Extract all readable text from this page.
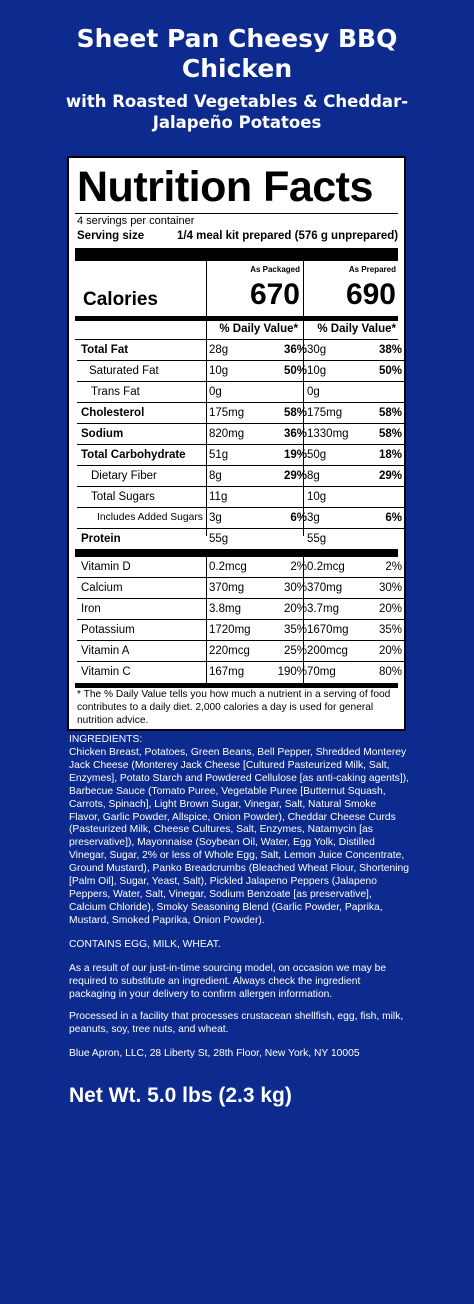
Sheet Pan Cheesy BBQ
Chicken
with Roasted Vegetables & Cheddar-
Jalapeño Potatoes
Nutrition Facts
4 servings per container
Serving size	1/4 meal kit prepared (576 g unprepared)
As Packaged	As Prepared
Calories	670 690
% Daily Value* % Daily Value*
Total Fat	28g	36% 30g	38%
Saturated Fat	10g	50% 10g	50%
Trans Fat	0g	0g
Cholesterol	175mg	58% 175mg	58%
Sodium	820mg	36% 1330mg	58%
Total Carbohydrate 51g	19% 50g	18%
Dietary Fiber	8g	29% 8g	29%
Total Sugars	11g	10g
Includes Added Sugars 3g	6% 3g	6%
Protein	55g	55g
Vitamin D	0.2mcg	2% 0.2mcg	2%
Calcium	370mg	30% 370mg	30%
Iron	3.8mg	20% 3.7mg	20%
Potassium	1720mg	35% 1670mg	35%
Vitamin A	220mcg	25% 200mcg	20%
Vitamin C	167mg	190% 70mg	80%
* The % Daily Value tells you how much a nutrient in a serving of food contributes to a daily diet. 2,000 calories a day is used for general nutrition advice.
INGREDIENTS:
Chicken Breast, Potatoes, Green Beans, Bell Pepper, Shredded Monterey Jack Cheese (Monterey Jack Cheese [Cultured Pasteurized Milk, Salt, Enzymes], Potato Starch and Powdered Cellulose [as anti-caking agents]), Barbecue Sauce (Tomato Puree, Vegetable Puree [Butternut Squash, Carrots, Spinach], Light Brown Sugar, Vinegar, Salt, Natural Smoke Flavor, Garlic Powder, Allspice, Onion Powder), Cheddar Cheese Curds (Pasteurized Milk, Cheese Cultures, Salt, Enzymes, Natamycin [as preservative]), Mayonnaise (Soybean Oil, Water, Egg Yolk, Distilled Vinegar, Sugar, 2% or less of Whole Egg, Salt, Lemon Juice Concentrate, Ground Mustard), Panko Breadcrumbs (Bleached Wheat Flour, Shortening [Palm Oil], Sugar, Yeast, Salt), Pickled Jalapeno Peppers (Jalapeno Peppers, Water, Salt, Vinegar, Sodium Benzoate [as preservative], Calcium Chloride), Smoky Seasoning Blend (Garlic Powder, Paprika, Mustard, Smoked Paprika, Onion Powder).
CONTAINS EGG, MILK, WHEAT.
As a result of our just-in-time sourcing model, on occasion we may be required to substitute an ingredient. Always check the ingredient packaging in your delivery to confirm allergen information.
Processed in a facility that processes crustacean shellfish, egg, fish, milk, peanuts, soy, tree nuts, and wheat.
Blue Apron, LLC, 28 Liberty St, 28th Floor, New York, NY 10005
Net Wt. 5.0 lbs (2.3 kg)
